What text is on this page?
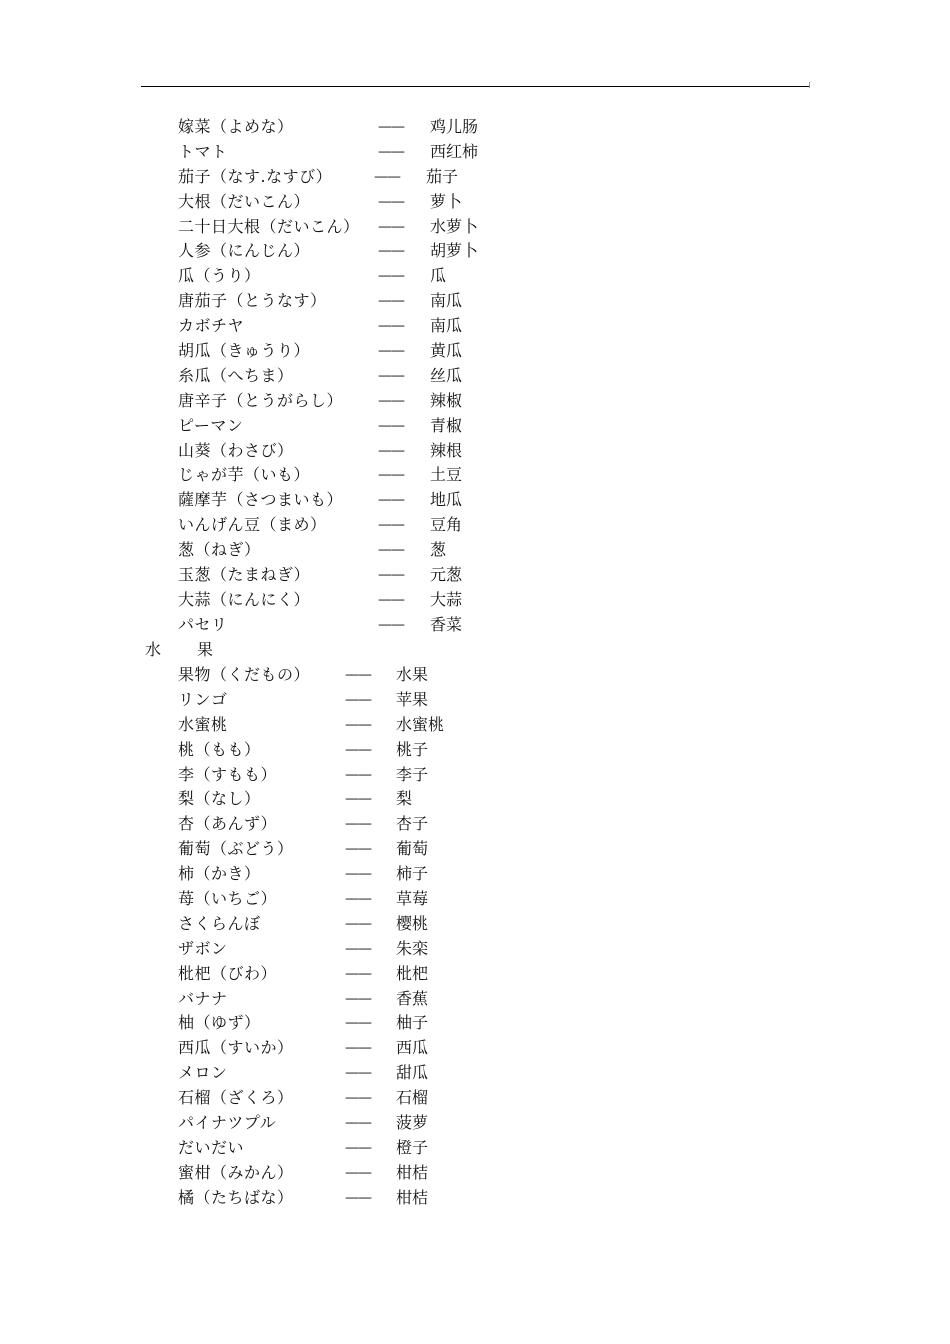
嫁菜（よめな）	—— 鸡儿肠
トマト	—— 西红柿
茄子（なす.なすび）	—— 茄子
大根（だいこん）	—— 萝卜
二十日大根（だいこん） —— 水萝卜
人参（にんじん）	—— 胡萝卜
瓜（うり）	—— 瓜
唐茄子（とうなす）	—— 南瓜
カボチヤ	—— 南瓜
胡瓜（きゅうり）	—— 黄瓜
糸瓜（へちま）	—— 丝瓜
唐辛子（とうがらし） —— 辣椒
ピーマン	—— 青椒
山葵（わさび）	—— 辣根
じゃが芋（いも）	—— 土豆
薩摩芋（さつまいも） —— 地瓜
いんげん豆（まめ）	—— 豆角
葱（ねぎ）	—— 葱
玉葱（たまねぎ）	—— 元葱
大蒜（にんにく）	—— 大蒜
パセリ	—— 香菜
水 果
果物（くだもの） —— 水果
リンゴ	—— 苹果
水蜜桃	—— 水蜜桃
桃（もも）	—— 桃子
李（すもも）	—— 李子
梨（なし）	—— 梨
杏（あんず）	—— 杏子
葡萄（ぶどう）	—— 葡萄
柿（かき）	—— 柿子
苺（いちご）	—— 草莓
さくらんぼ	—— 樱桃
ザボン	—— 朱栾
枇杷（びわ）	—— 枇杷
バナナ	—— 香蕉
柚（ゆず）	—— 柚子
西瓜（すいか）	—— 西瓜
メロン	—— 甜瓜
石榴（ざくろ）	—— 石榴
パイナツプル	—— 菠萝
だいだい	—— 橙子
蜜柑（みかん）	—— 柑桔
橘（たちばな）	—— 柑桔
